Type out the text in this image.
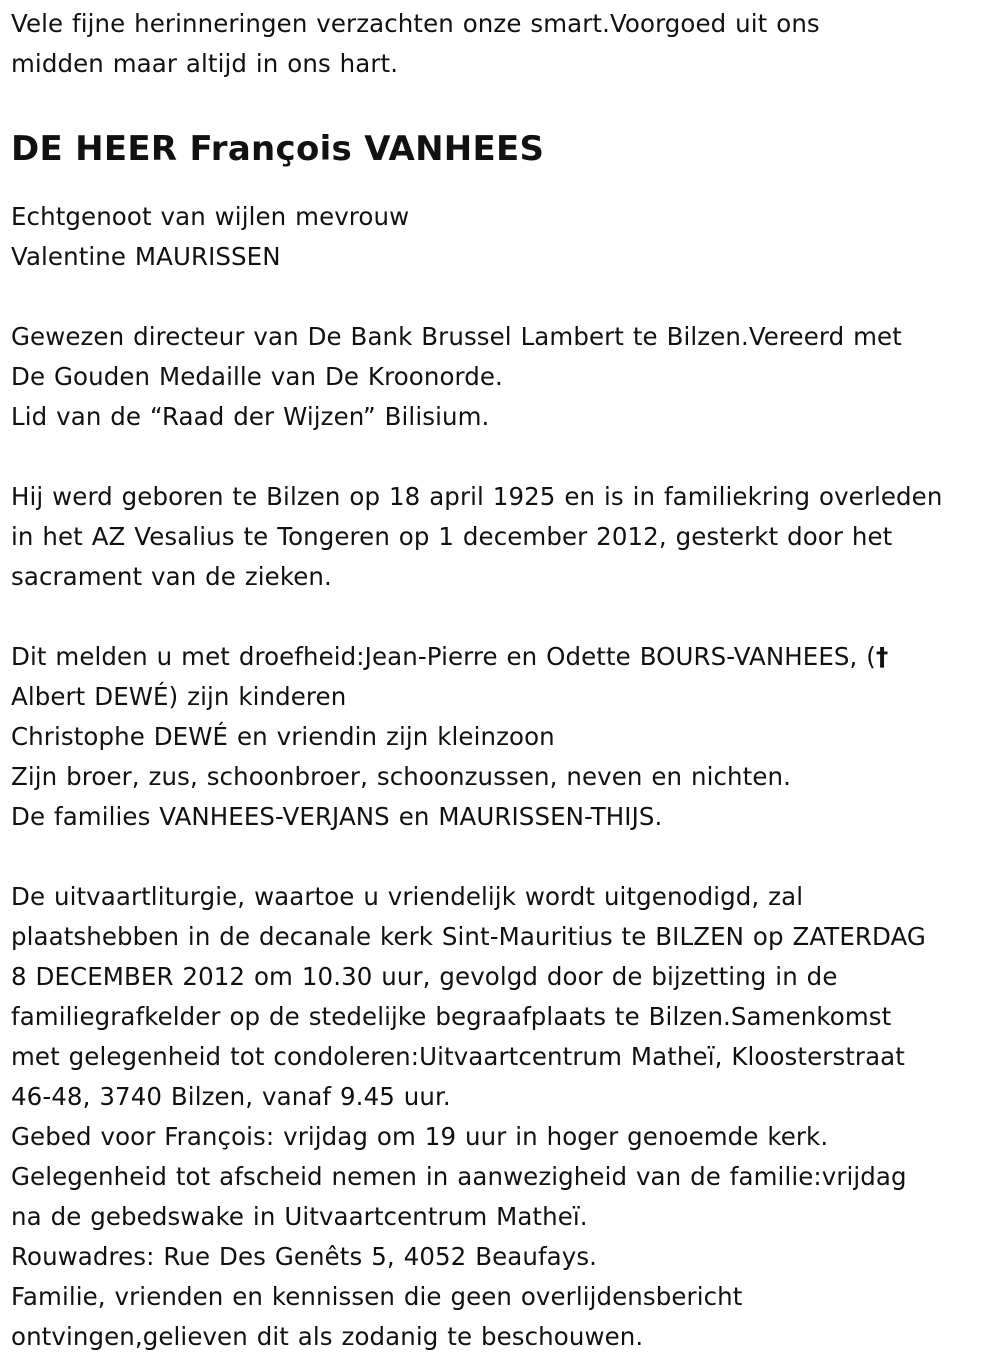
Vele fijne herinneringen verzachten onze smart.Voorgoed uit ons
midden maar altijd in ons hart.
DE HEER François VANHEES
Echtgenoot van wijlen mevrouw
Valentine MAURISSEN
Gewezen directeur van De Bank Brussel Lambert te Bilzen.Vereerd met
De Gouden Medaille van De Kroonorde.
Lid van de “Raad der Wijzen” Bilisium.
Hij werd geboren te Bilzen op 18 april 1925 en is in familiekring overleden
in het AZ Vesalius te Tongeren op 1 december 2012, gesterkt door het
sacrament van de zieken.
Dit melden u met droefheid:Jean-Pierre en Odette BOURS-VANHEES, (†
Albert DEWÉ) zijn kinderen
Christophe DEWÉ en vriendin zijn kleinzoon
Zijn broer, zus, schoonbroer, schoonzussen, neven en nichten.
De families VANHEES-VERJANS en MAURISSEN-THIJS.
De uitvaartliturgie, waartoe u vriendelijk wordt uitgenodigd, zal
plaatshebben in de decanale kerk Sint-Mauritius te BILZEN op ZATERDAG
8 DECEMBER 2012 om 10.30 uur, gevolgd door de bijzetting in de
familiegrafkelder op de stedelijke begraafplaats te Bilzen.Samenkomst
met gelegenheid tot condoleren:Uitvaartcentrum Matheï, Kloosterstraat
46-48, 3740 Bilzen, vanaf 9.45 uur.
Gebed voor François: vrijdag om 19 uur in hoger genoemde kerk.
Gelegenheid tot afscheid nemen in aanwezigheid van de familie:vrijdag
na de gebedswake in Uitvaartcentrum Matheï.
Rouwadres: Rue Des Genêts 5, 4052 Beaufays.
Familie, vrienden en kennissen die geen overlijdensbericht
ontvingen,gelieven dit als zodanig te beschouwen.
